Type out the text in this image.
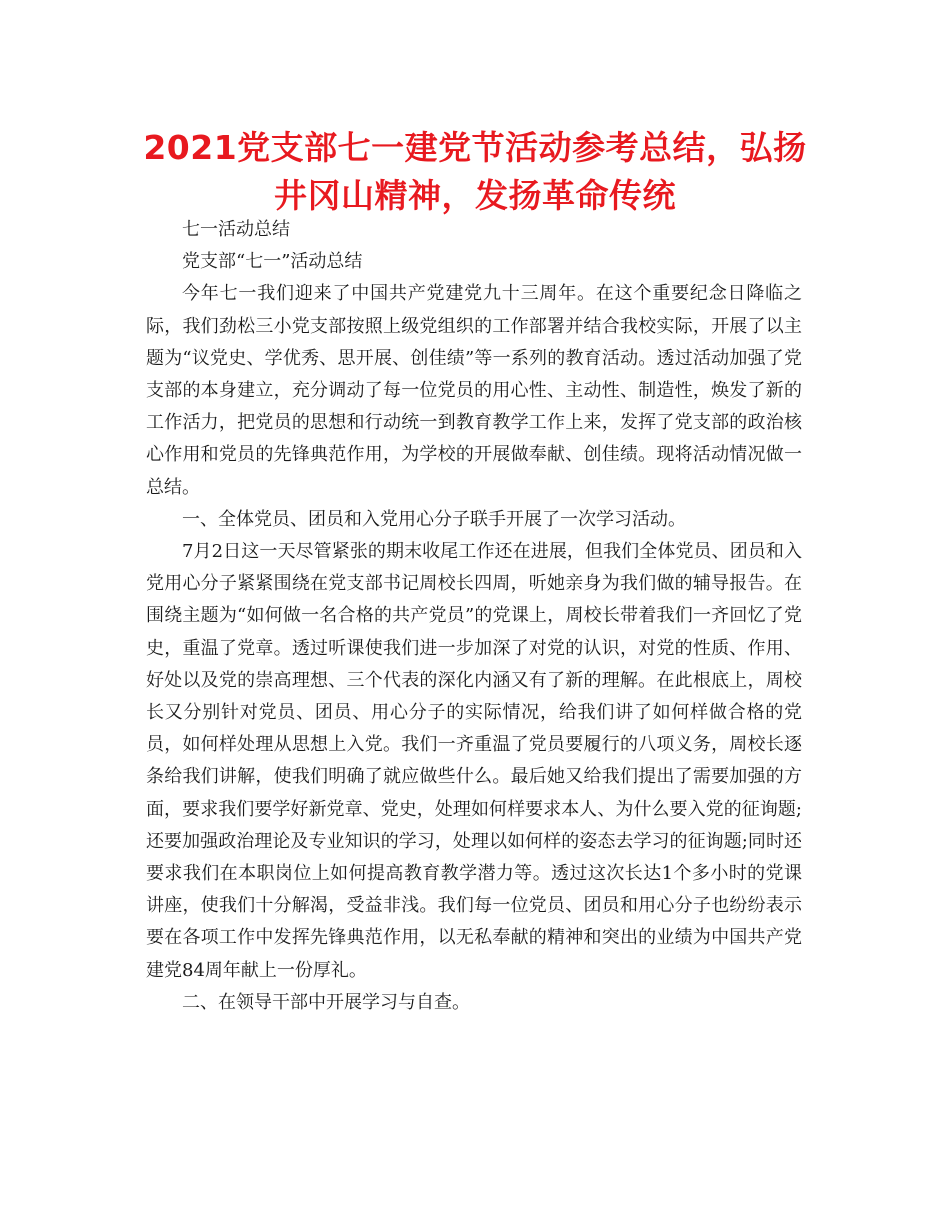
2021党支部七一建党节活动参考总结，弘扬井冈山精神，发扬革命传统

七一活动总结

党支部“七一”活动总结

今年七一我们迎来了中国共产党建党九十三周年。在这个重要纪念日降临之际，我们劲松三小党支部按照上级党组织的工作部署并结合我校实际，开展了以主题为“议党史、学优秀、思开展、创佳绩”等一系列的教育活动。透过活动加强了党支部的本身建立，充分调动了每一位党员的用心性、主动性、制造性，焕发了新的工作活力，把党员的思想和行动统一到教育教学工作上来，发挥了党支部的政治核心作用和党员的先锋典范作用，为学校的开展做奉献、创佳绩。现将活动情况做一总结。

一、全体党员、团员和入党用心分子联手开展了一次学习活动。

7月2日这一天尽管紧张的期末收尾工作还在进展，但我们全体党员、团员和入党用心分子紧紧围绕在党支部书记周校长四周，听她亲身为我们做的辅导报告。在围绕主题为“如何做一名合格的共产党员”的党课上，周校长带着我们一齐回忆了党史，重温了党章。透过听课使我们进一步加深了对党的认识，对党的性质、作用、好处以及党的崇高理想、三个代表的深化内涵又有了新的理解。在此根底上，周校长又分别针对党员、团员、用心分子的实际情况，给我们讲了如何样做合格的党员，如何样处理从思想上入党。我们一齐重温了党员要履行的八项义务，周校长逐条给我们讲解，使我们明确了就应做些什么。最后她又给我们提出了需要加强的方面，要求我们要学好新党章、党史，处理如何样要求本人、为什么要入党的征询题;还要加强政治理论及专业知识的学习，处理以如何样的姿态去学习的征询题;同时还要求我们在本职岗位上如何提高教育教学潜力等。透过这次长达1个多小时的党课讲座，使我们十分解渴，受益非浅。我们每一位党员、团员和用心分子也纷纷表示要在各项工作中发挥先锋典范作用，以无私奉献的精神和突出的业绩为中国共产党建党84周年献上一份厚礼。

二、在领导干部中开展学习与自查。
